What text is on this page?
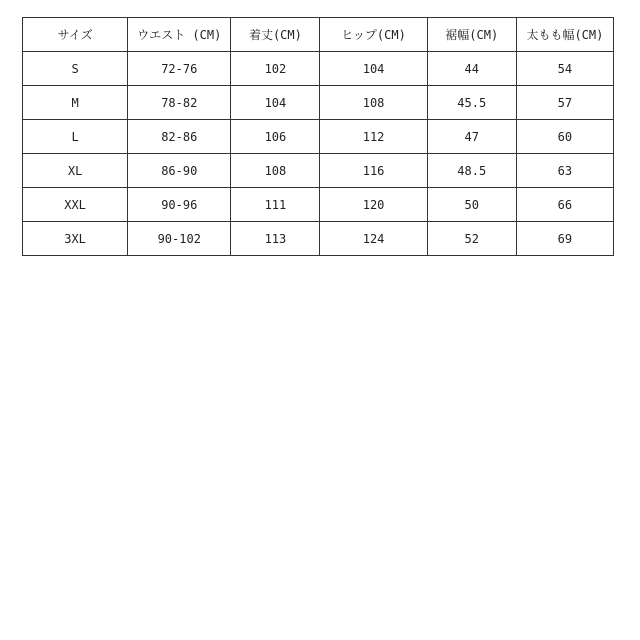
サイズ	ウエスト (CM)	着丈(CM)	ヒップ(CM)	裾幅(CM)	太もも幅(CM)
S	72-76	102	104	44	54
M	78-82	104	108	45.5	57
L	82-86	106	112	47	60
XL	86-90	108	116	48.5	63
XXL	90-96	111	120	50	66
3XL	90-102	113	124	52	69
